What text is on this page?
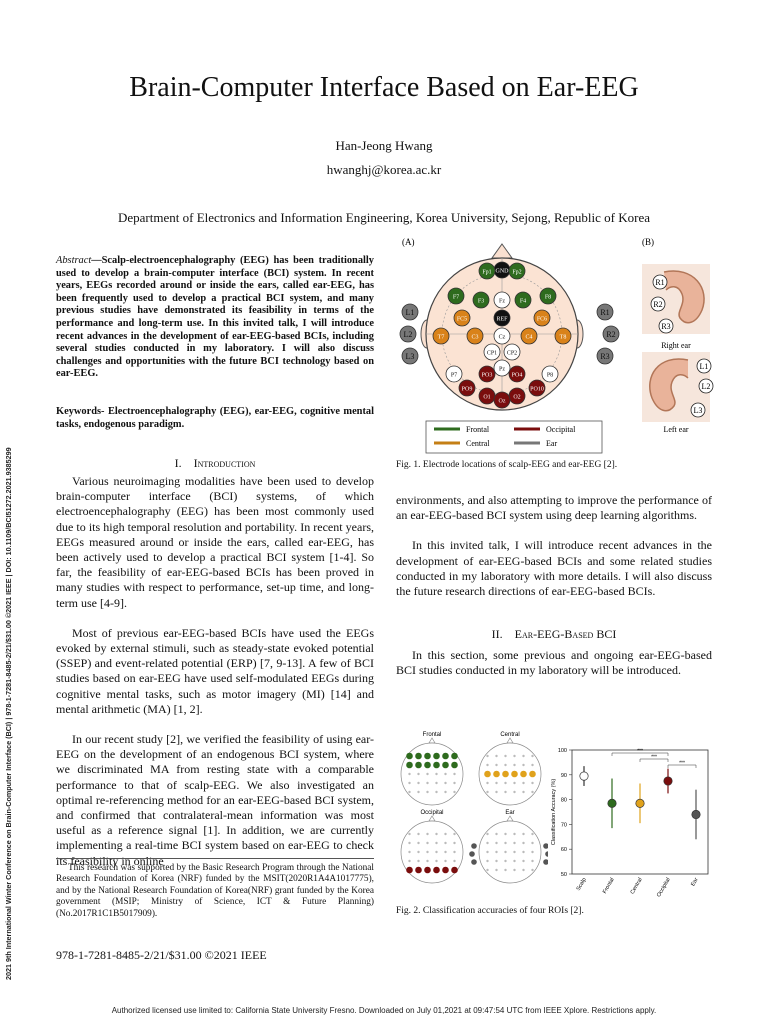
Brain-Computer Interface Based on Ear-EEG
Han-Jeong Hwang
hwanghj@korea.ac.kr
Department of Electronics and Information Engineering, Korea University, Sejong, Republic of Korea
2021 9th International Winter Conference on Brain-Computer Interface (BCI) | 978-1-7281-8485-2/21/$31.00 ©2021 IEEE | DOI: 10.1109/BCI51272.2021.9385299
Abstract—Scalp-electroencephalography (EEG) has been traditionally used to develop a brain-computer interface (BCI) system. In recent years, EEGs recorded around or inside the ears, called ear-EEG, has been frequently used to develop a practical BCI system, and many previous studies have demonstrated its feasibility in terms of the performance and long-term use. In this invited talk, I will introduce recent advances in the development of ear-EEG-based BCIs, including several studies conducted in my laboratory. I will also discuss challenges and opportunities with the future BCI technology based on ear-EEG.
Keywords- Electroencephalography (EEG), ear-EEG, cognitive mental tasks, endogenous paradigm.
I. Introduction

Various neuroimaging modalities have been used to develop brain-computer interface (BCI) systems, of which electroencephalography (EEG) has been most commonly used due to its high temporal resolution and portability. In recent years, EEGs measured around or inside the ears, called ear-EEG, has been actively used to develop a practical BCI system [1-4]. So far, the feasibility of ear-EEG-based BCIs has been proved in many studies with respect to performance, set-up time, and long-term use [4-9].

Most of previous ear-EEG-based BCIs have used the EEGs evoked by external stimuli, such as steady-state evoked potential (SSEP) and event-related potential (ERP) [7, 9-13]. A few of BCI studies based on ear-EEG have used self-modulated EEGs during cognitive mental tasks, such as motor imagery (MI) [14] and mental arithmetic (MA) [1, 2].

In our recent study [2], we verified the feasibility of using ear-EEG on the development of an endogenous BCI system, where we discriminated MA from resting state with a comparable performance to that of scalp-EEG. We also investigated an optimal re-referencing method for an ear-EEG-based BCI system, and confirmed that contralateral-mean information was most useful as a reference signal [1]. In addition, we are currently implementing a real-time BCI system based on ear-EEG to check its feasibility in online

This research was supported by the Basic Research Program through the National Research Foundation of Korea (NRF) funded by the MSIT(2020R1A4A1017775), and by the National Research Foundation of Korea(NRF) grant funded by the Korea government (MSIP; Ministry of Science, ICT & Future Planning) (No.2017R1C1B5017909).
978-1-7281-8485-2/21/$31.00 ©2021 IEEE
(A)	(B)
GND
REF
Fp1	Fp2
F7
F3	F4
F8
FC5	FC6
T7	C3	C4	T8
Fz
Cz
CP1 CP2
Pz
P7	P8
PO3	PO4
O1	O2
Oz
PO9	PO10
L1
L2
L3
R1
R2
R3
Frontal	Occipital
Central	Ear
Right ear
Left ear
R1
R2
R3
L1
L2
L3
Fig. 1. Electrode locations of scalp-EEG and ear-EEG [2].

environments, and also attempting to improve the performance of an ear-EEG-based BCI system using deep learning algorithms.

In this invited talk, I will introduce recent advances in the development of ear-EEG-based BCIs and some related studies conducted in my laboratory with more details. I will also discuss the future research directions of ear-EEG-based BCIs.

II. Ear-EEG-Based BCI

In this section, some previous and ongoing ear-EEG-based BCI studies conducted in my laboratory will be introduced.

Frontal	Central
Occipital	Ear
50
60
70
80
90
100
Classification Accuracy (%)
Scalp	Frontal	Central Occipital	Ear
***
***
***
Fig. 2. Classification accuracies of four ROIs [2].
Authorized licensed use limited to: California State University Fresno. Downloaded on July 01,2021 at 09:47:54 UTC from IEEE Xplore. Restrictions apply.
